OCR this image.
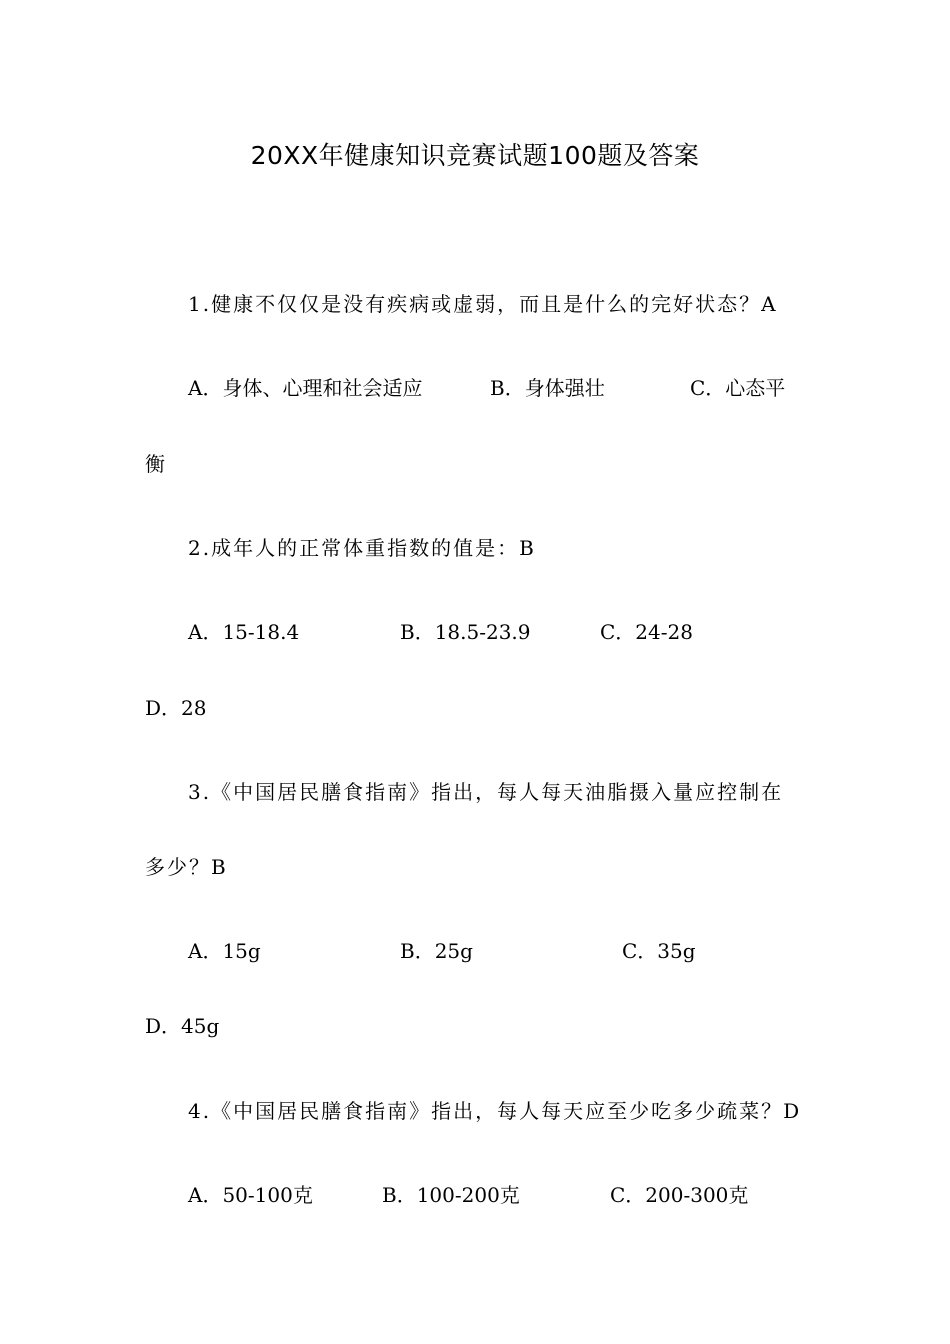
20XX年健康知识竞赛试题100题及答案
1.健康不仅仅是没有疾病或虚弱，而且是什么的完好状态？A
A．身体、心理和社会适应	B．身体强壮	C．心态平
衡
2.成年人的正常体重指数的值是：B
A．15-18.4	B．18.5-23.9	C．24-28
D．28
3.《中国居民膳食指南》指出，每人每天油脂摄入量应控制在
多少？B
A．15g	B．25g	C．35g
D．45g
4.《中国居民膳食指南》指出，每人每天应至少吃多少疏菜？D
A．50-100克	B．100-200克	C．200-300克
